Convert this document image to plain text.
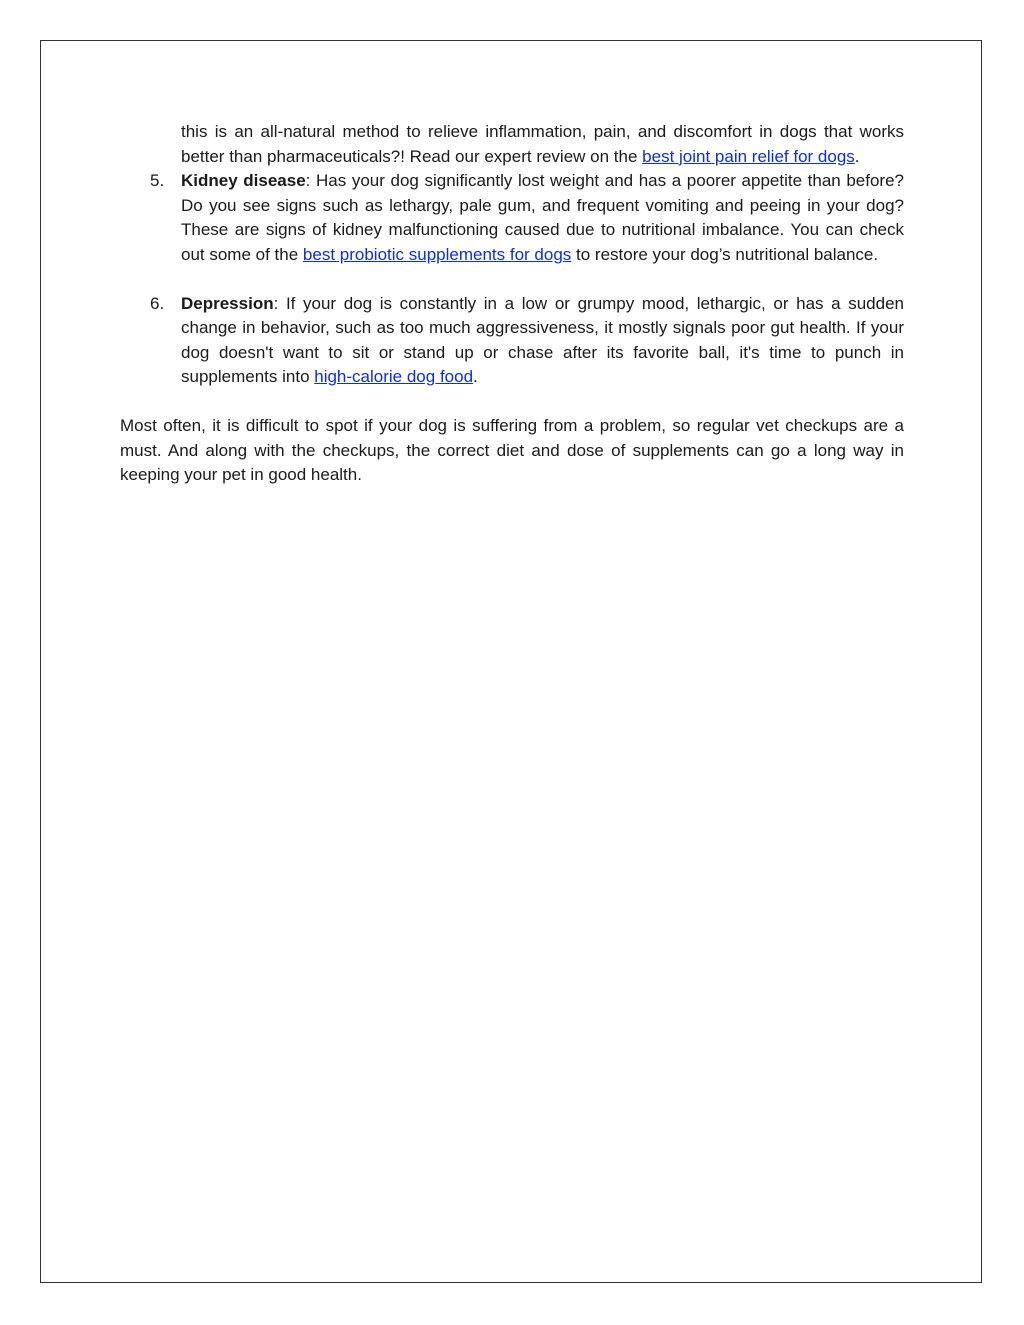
this is an all-natural method to relieve inflammation, pain, and discomfort in dogs that works better than pharmaceuticals?! Read our expert review on the best joint pain relief for dogs.

5. Kidney disease: Has your dog significantly lost weight and has a poorer appetite than before? Do you see signs such as lethargy, pale gum, and frequent vomiting and peeing in your dog? These are signs of kidney malfunctioning caused due to nutritional imbalance. You can check out some of the best probiotic supplements for dogs to restore your dog’s nutritional balance.

6. Depression: If your dog is constantly in a low or grumpy mood, lethargic, or has a sudden change in behavior, such as too much aggressiveness, it mostly signals poor gut health. If your dog doesn't want to sit or stand up or chase after its favorite ball, it's time to punch in supplements into high-calorie dog food.

Most often, it is difficult to spot if your dog is suffering from a problem, so regular vet checkups are a must. And along with the checkups, the correct diet and dose of supplements can go a long way in keeping your pet in good health.
